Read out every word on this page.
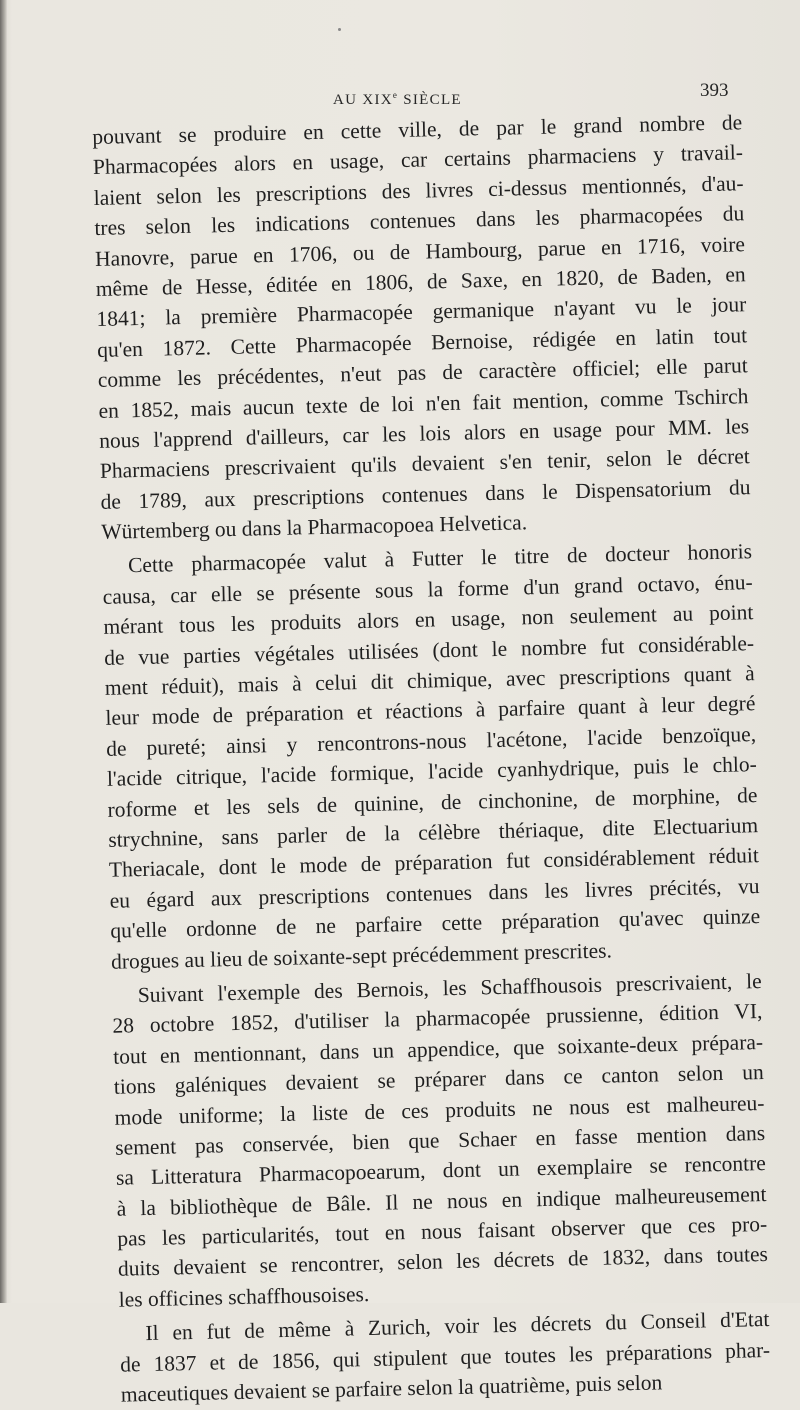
AU XIXe SIÈCLE	393
pouvant se produire en cette ville, de par le grand nombre de
Pharmacopées alors en usage, car certains pharmaciens y travail-
laient selon les prescriptions des livres ci-dessus mentionnés, d'au-
tres selon les indications contenues dans les pharmacopées du
Hanovre, parue en 1706, ou de Hambourg, parue en 1716, voire
même de Hesse, éditée en 1806, de Saxe, en 1820, de Baden, en
1841; la première Pharmacopée germanique n'ayant vu le jour
qu'en 1872. Cette Pharmacopée Bernoise, rédigée en latin tout
comme les précédentes, n'eut pas de caractère officiel; elle parut
en 1852, mais aucun texte de loi n'en fait mention, comme Tschirch
nous l'apprend d'ailleurs, car les lois alors en usage pour MM. les
Pharmaciens prescrivaient qu'ils devaient s'en tenir, selon le décret
de 1789, aux prescriptions contenues dans le Dispensatorium du
Würtemberg ou dans la Pharmacopoea Helvetica.
Cette pharmacopée valut à Futter le titre de docteur honoris
causa, car elle se présente sous la forme d'un grand octavo, énu-
mérant tous les produits alors en usage, non seulement au point
de vue parties végétales utilisées (dont le nombre fut considérable-
ment réduit), mais à celui dit chimique, avec prescriptions quant à
leur mode de préparation et réactions à parfaire quant à leur degré
de pureté; ainsi y rencontrons-nous l'acétone, l'acide benzoïque,
l'acide citrique, l'acide formique, l'acide cyanhydrique, puis le chlo-
roforme et les sels de quinine, de cinchonine, de morphine, de
strychnine, sans parler de la célèbre thériaque, dite Electuarium
Theriacale, dont le mode de préparation fut considérablement réduit
eu égard aux prescriptions contenues dans les livres précités, vu
qu'elle ordonne de ne parfaire cette préparation qu'avec quinze
drogues au lieu de soixante-sept précédemment prescrites.
Suivant l'exemple des Bernois, les Schaffhousois prescrivaient, le
28 octobre 1852, d'utiliser la pharmacopée prussienne, édition VI,
tout en mentionnant, dans un appendice, que soixante-deux prépara-
tions galéniques devaient se préparer dans ce canton selon un
mode uniforme; la liste de ces produits ne nous est malheureu-
sement pas conservée, bien que Schaer en fasse mention dans
sa Litteratura Pharmacopoearum, dont un exemplaire se rencontre
à la bibliothèque de Bâle. Il ne nous en indique malheureusement
pas les particularités, tout en nous faisant observer que ces pro-
duits devaient se rencontrer, selon les décrets de 1832, dans toutes
les officines schaffhousoises.
Il en fut de même à Zurich, voir les décrets du Conseil d'Etat
de 1837 et de 1856, qui stipulent que toutes les préparations phar-
maceutiques devaient se parfaire selon la quatrième, puis selon
